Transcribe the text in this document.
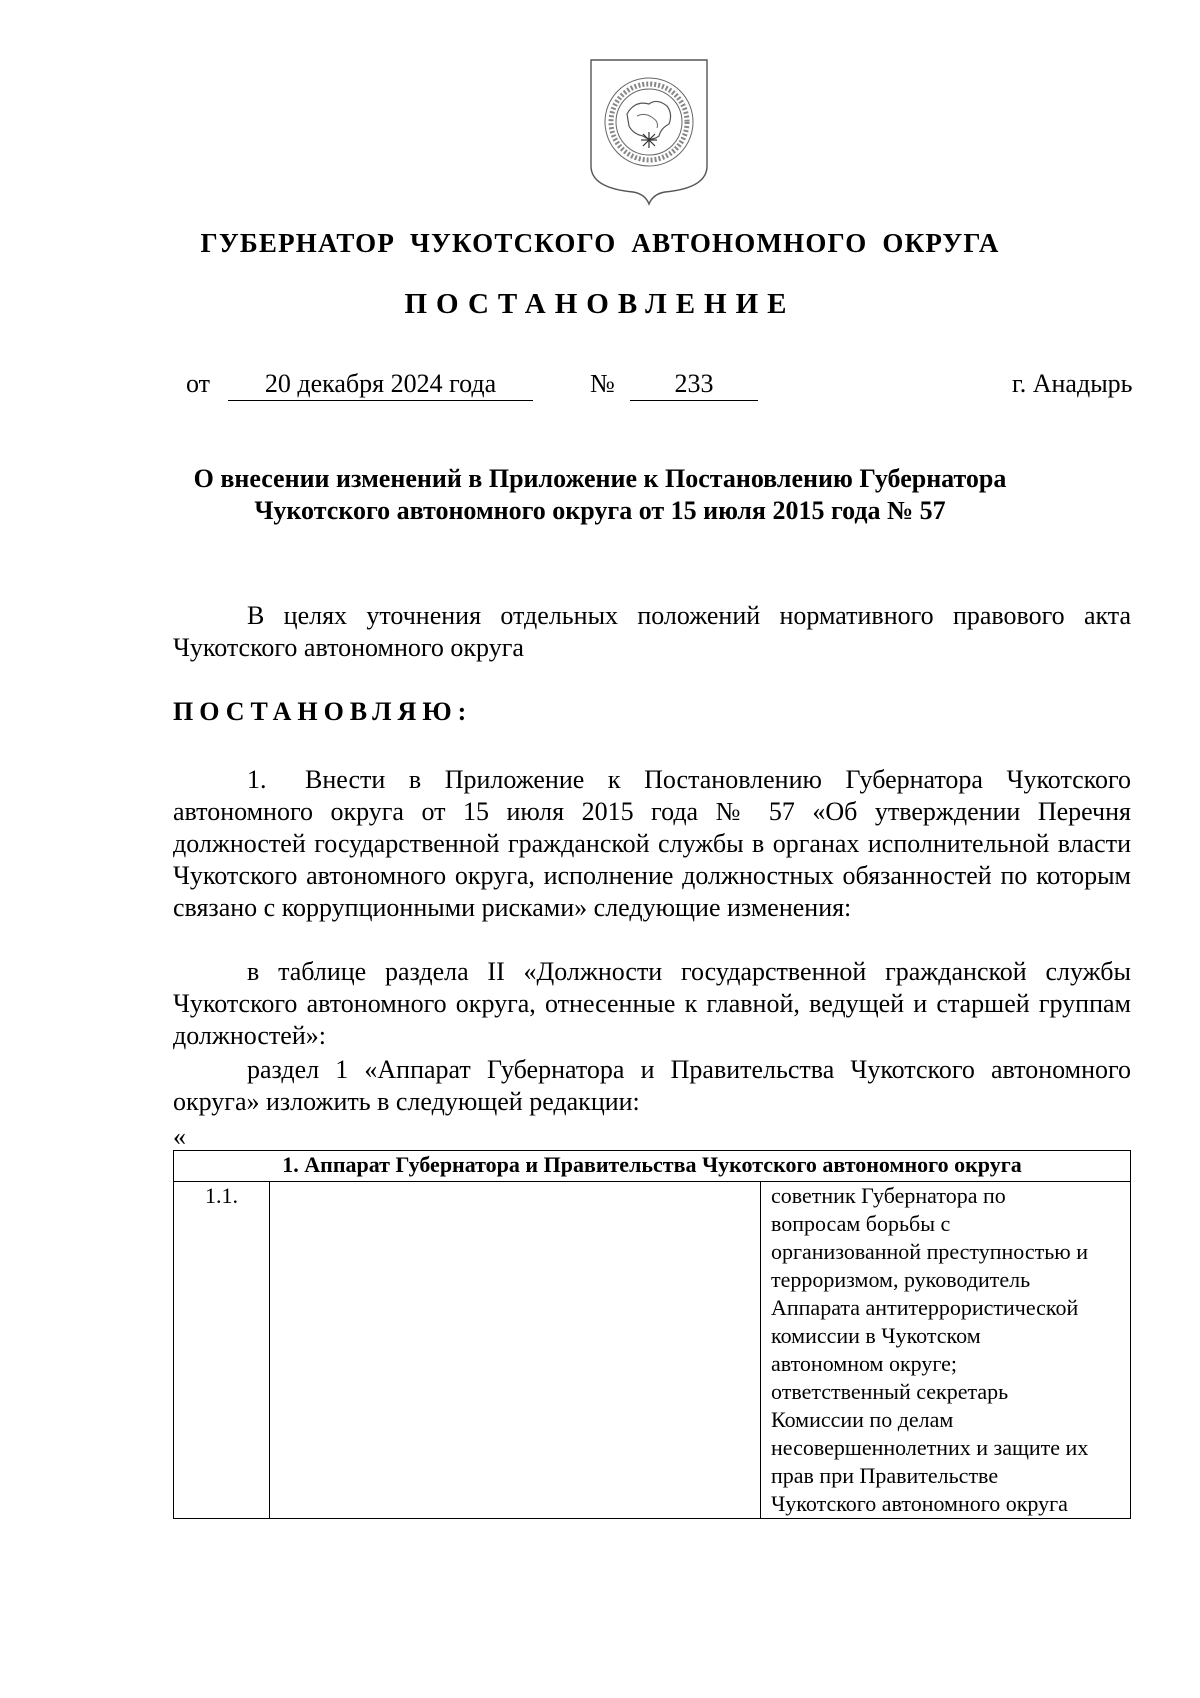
ГУБЕРНАТОР ЧУКОТСКОГО АВТОНОМНОГО ОКРУГА
ПОСТАНОВЛЕНИЕ
от	20 декабря 2024 года	№	233	г. Анадырь
О внесении изменений в Приложение к Постановлению Губернатора
Чукотского автономного округа от 15 июля 2015 года № 57

В целях уточнения отдельных положений нормативного правового акта Чукотского автономного округа

ПОСТАНОВЛЯЮ:

1. Внести в Приложение к Постановлению Губернатора Чукотского автономного округа от 15 июля 2015 года № 57 «Об утверждении Перечня должностей государственной гражданской службы в органах исполнительной власти Чукотского автономного округа, исполнение должностных обязанностей по которым связано с коррупционными рисками» следующие изменения:

в таблице раздела II «Должности государственной гражданской службы Чукотского автономного округа, отнесенные к главной, ведущей и старшей группам должностей»:

раздел 1 «Аппарат Губернатора и Правительства Чукотского автономного округа» изложить в следующей редакции:

«
1. Аппарат Губернатора и Правительства Чукотского автономного округа
1.1.		советник Губернатора по
вопросам борьбы с
организованной преступностью и
терроризмом, руководитель
Аппарата антитеррористической
комиссии в Чукотском
автономном округе;
ответственный секретарь
Комиссии по делам
несовершеннолетних и защите их
прав при Правительстве
Чукотского автономного округа
